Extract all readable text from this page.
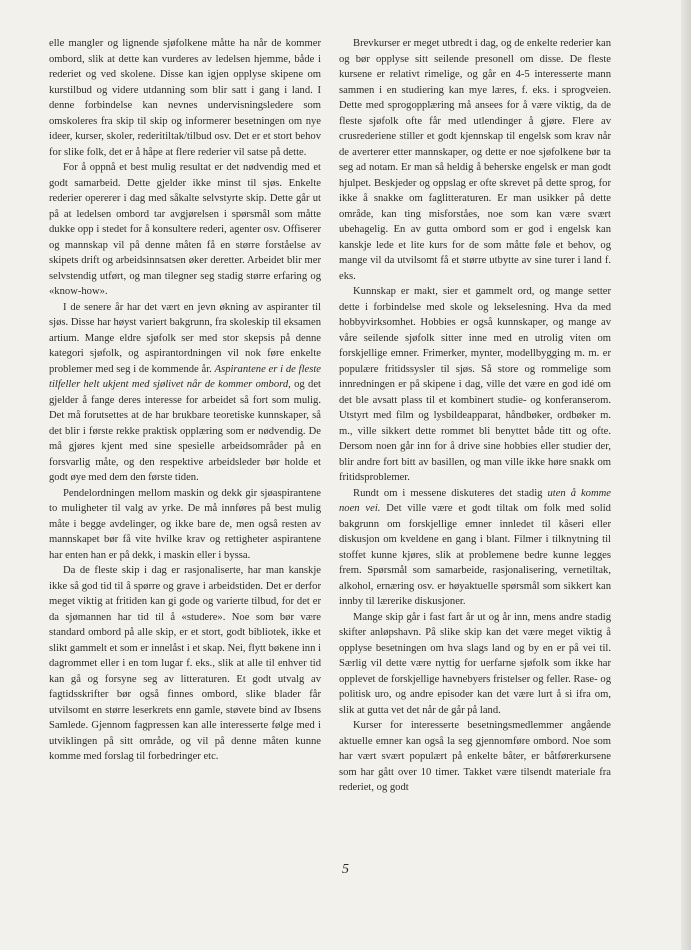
elle mangler og lignende sjøfolkene måtte ha når de kommer ombord, slik at dette kan vurderes av ledelsen hjemme, både i rederiet og ved skolene. Disse kan igjen opplyse skipene om kurstilbud og videre utdanning som blir satt i gang i land. I denne forbindelse kan nevnes undervisningsledere som omskoleres fra skip til skip og informerer besetningen om nye ideer, kurser, skoler, rederitiltak/tilbud osv. Det er et stort behov for slike folk, det er å håpe at flere rederier vil satse på dette.

For å oppnå et best mulig resultat er det nødvendig med et godt samarbeid. Dette gjelder ikke minst til sjøs. Enkelte rederier opererer i dag med såkalte selvstyrte skip. Dette går ut på at ledelsen ombord tar avgjørelsen i spørsmål som måtte dukke opp i stedet for å konsultere rederi, agenter osv. Offiserer og mannskap vil på denne måten få en større forståelse av skipets drift og arbeidsinnsatsen øker deretter. Arbeidet blir mer selvstendig utført, og man tilegner seg stadig større erfaring og «know-how».

I de senere år har det vært en jevn økning av aspiranter til sjøs. Disse har høyst variert bakgrunn, fra skoleskip til eksamen artium. Mange eldre sjøfolk ser med stor skepsis på denne kategori sjøfolk, og aspirantordningen vil nok føre enkelte problemer med seg i de kommende år. Aspirantene er i de fleste tilfeller helt ukjent med sjølivet når de kommer ombord, og det gjelder å fange deres interesse for arbeidet så fort som mulig. Det må forutsettes at de har brukbare teoretiske kunnskaper, så det blir i første rekke praktisk opplæring som er nødvendig. De må gjøres kjent med sine spesielle arbeidsområder på en forsvarlig måte, og den respektive arbeidsleder bør holde et godt øye med dem den første tiden.

Pendelordningen mellom maskin og dekk gir sjøaspirantene to muligheter til valg av yrke. De må innføres på best mulig måte i begge avdelinger, og ikke bare de, men også resten av mannskapet bør få vite hvilke krav og rettigheter aspirantene har enten han er på dekk, i maskin eller i byssa.

Da de fleste skip i dag er rasjonaliserte, har man kanskje ikke så god tid til å spørre og grave i arbeidstiden. Det er derfor meget viktig at fritiden kan gi gode og varierte tilbud, for det er da sjømannen har tid til å «studere». Noe som bør være standard ombord på alle skip, er et stort, godt bibliotek, ikke et slikt gammelt et som er innelåst i et skap. Nei, flytt bøkene inn i dagrommet eller i en tom lugar f. eks., slik at alle til enhver tid kan gå og forsyne seg av litteraturen. Et godt utvalg av fagtidsskrifter bør også finnes ombord, slike blader får utvilsomt en større leserkrets enn gamle, støvete bind av Ibsens Samlede. Gjennom fagpressen kan alle interesserte følge med i utviklingen på sitt område, og vil på denne måten kunne komme med forslag til forbedringer etc.

Brevkurser er meget utbredt i dag, og de enkelte rederier kan og bør opplyse sitt seilende presonell om disse. De fleste kursene er relativt rimelige, og går en 4-5 interesserte mann sammen i en studiering kan mye læres, f. eks. i sprogveien. Dette med sprogopplæring må ansees for å være viktig, da de fleste sjøfolk ofte får med utlendinger å gjøre. Flere av crusrederiene stiller et godt kjennskap til engelsk som krav når de averterer etter mannskaper, og dette er noe sjøfolkene bør ta seg ad notam. Er man så heldig å beherske engelsk er man godt hjulpet. Beskjeder og oppslag er ofte skrevet på dette sprog, for ikke å snakke om faglitteraturen. Er man usikker på dette område, kan ting misforståes, noe som kan være svært ubehagelig. En av gutta ombord som er god i engelsk kan kanskje lede et lite kurs for de som måtte føle et behov, og mange vil da utvilsomt få et større utbytte av sine turer i land f. eks.

Kunnskap er makt, sier et gammelt ord, og mange setter dette i forbindelse med skole og lekselesning. Hva da med hobbyvirksomhet. Hobbies er også kunnskaper, og mange av våre seilende sjøfolk sitter inne med en utrolig viten om forskjellige emner. Frimerker, mynter, modellbygging m. m. er populære fritidssysler til sjøs. Så store og rommelige som innredningen er på skipene i dag, ville det være en god idé om det ble avsatt plass til et kombinert studie- og konferanserom. Utstyrt med film og lysbildeapparat, håndbøker, ordbøker m. m., ville sikkert dette rommet bli benyttet både titt og ofte. Dersom noen går inn for å drive sine hobbies eller studier der, blir andre fort bitt av basillen, og man ville ikke høre snakk om fritidsproblemer.

Rundt om i messene diskuteres det stadig uten å komme noen vei. Det ville være et godt tiltak om folk med solid bakgrunn om forskjellige emner innledet til kåseri eller diskusjon om kveldene en gang i blant. Filmer i tilknytning til stoffet kunne kjøres, slik at problemene bedre kunne legges frem. Spørsmål som samarbeide, rasjonalisering, vernetiltak, alkohol, ernæring osv. er høyaktuelle spørsmål som sikkert kan innby til lærerike diskusjoner.

Mange skip går i fast fart år ut og år inn, mens andre stadig skifter anløpshavn. På slike skip kan det være meget viktig å opplyse besetningen om hva slags land og by en er på vei til. Særlig vil dette være nyttig for uerfarne sjøfolk som ikke har opplevet de forskjellige havnebyers fristelser og feller. Rase- og politisk uro, og andre episoder kan det være lurt å si ifra om, slik at gutta vet det når de går på land.

Kurser for interesserte besetningsmedlemmer angående aktuelle emner kan også la seg gjennomføre ombord. Noe som har vært svært populært på enkelte båter, er båtførerkursene som har gått over 10 timer. Takket være tilsendt materiale fra rederiet, og godt

5
